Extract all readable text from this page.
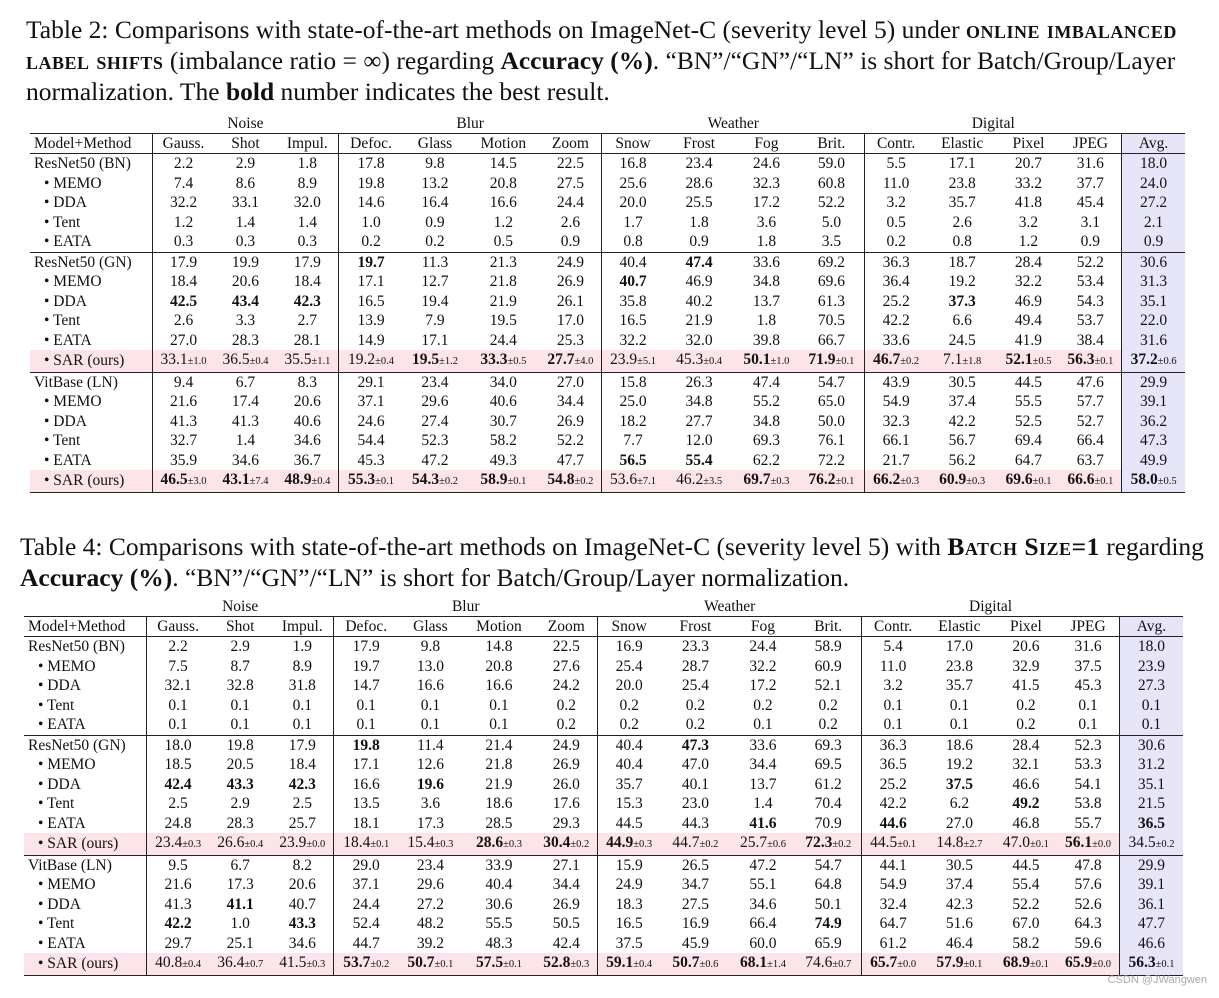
Table 2: Comparisons with state-of-the-art methods on ImageNet-C (severity level 5) under online imbalanced label shifts (imbalance ratio = ∞) regarding Accuracy (%). “BN”/“GN”/“LN” is short for Batch/Group/Layer normalization. The bold number indicates the best result.

	Noise			Blur				Weather				Digital				
Model+Method	Gauss.	Shot	Impul.	Defoc.	Glass	Motion	Zoom	Snow	Frost	Fog	Brit.	Contr.	Elastic	Pixel	JPEG	Avg.
ResNet50 (BN)	2.2	2.9	1.8	17.8	9.8	14.5	22.5	16.8	23.4	24.6	59.0	5.5	17.1	20.7	31.6	18.0
• MEMO	7.4	8.6	8.9	19.8	13.2	20.8	27.5	25.6	28.6	32.3	60.8	11.0	23.8	33.2	37.7	24.0
• DDA	32.2	33.1	32.0	14.6	16.4	16.6	24.4	20.0	25.5	17.2	52.2	3.2	35.7	41.8	45.4	27.2
• Tent	1.2	1.4	1.4	1.0	0.9	1.2	2.6	1.7	1.8	3.6	5.0	0.5	2.6	3.2	3.1	2.1
• EATA	0.3	0.3	0.3	0.2	0.2	0.5	0.9	0.8	0.9	1.8	3.5	0.2	0.8	1.2	0.9	0.9
ResNet50 (GN)	17.9	19.9	17.9	19.7	11.3	21.3	24.9	40.4	47.4	33.6	69.2	36.3	18.7	28.4	52.2	30.6
• MEMO	18.4	20.6	18.4	17.1	12.7	21.8	26.9	40.7	46.9	34.8	69.6	36.4	19.2	32.2	53.4	31.3
• DDA	42.5	43.4	42.3	16.5	19.4	21.9	26.1	35.8	40.2	13.7	61.3	25.2	37.3	46.9	54.3	35.1
• Tent	2.6	3.3	2.7	13.9	7.9	19.5	17.0	16.5	21.9	1.8	70.5	42.2	6.6	49.4	53.7	22.0
• EATA	27.0	28.3	28.1	14.9	17.1	24.4	25.3	32.2	32.0	39.8	66.7	33.6	24.5	41.9	38.4	31.6
• SAR (ours)	33.1±1.0	36.5±0.4	35.5±1.1	19.2±0.4	19.5±1.2	33.3±0.5	27.7±4.0	23.9±5.1	45.3±0.4	50.1±1.0	71.9±0.1	46.7±0.2	7.1±1.8	52.1±0.5	56.3±0.1	37.2±0.6
VitBase (LN)	9.4	6.7	8.3	29.1	23.4	34.0	27.0	15.8	26.3	47.4	54.7	43.9	30.5	44.5	47.6	29.9
• MEMO	21.6	17.4	20.6	37.1	29.6	40.6	34.4	25.0	34.8	55.2	65.0	54.9	37.4	55.5	57.7	39.1
• DDA	41.3	41.3	40.6	24.6	27.4	30.7	26.9	18.2	27.7	34.8	50.0	32.3	42.2	52.5	52.7	36.2
• Tent	32.7	1.4	34.6	54.4	52.3	58.2	52.2	7.7	12.0	69.3	76.1	66.1	56.7	69.4	66.4	47.3
• EATA	35.9	34.6	36.7	45.3	47.2	49.3	47.7	56.5	55.4	62.2	72.2	21.7	56.2	64.7	63.7	49.9
• SAR (ours)	46.5±3.0	43.1±7.4	48.9±0.4	55.3±0.1	54.3±0.2	58.9±0.1	54.8±0.2	53.6±7.1	46.2±3.5	69.7±0.3	76.2±0.1	66.2±0.3	60.9±0.3	69.6±0.1	66.6±0.1	58.0±0.5

Table 4: Comparisons with state-of-the-art methods on ImageNet-C (severity level 5) with Batch Size=1 regarding Accuracy (%). “BN”/“GN”/“LN” is short for Batch/Group/Layer normalization.

	Noise			Blur				Weather				Digital				
Model+Method	Gauss.	Shot	Impul.	Defoc.	Glass	Motion	Zoom	Snow	Frost	Fog	Brit.	Contr.	Elastic	Pixel	JPEG	Avg.
ResNet50 (BN)	2.2	2.9	1.9	17.9	9.8	14.8	22.5	16.9	23.3	24.4	58.9	5.4	17.0	20.6	31.6	18.0
• MEMO	7.5	8.7	8.9	19.7	13.0	20.8	27.6	25.4	28.7	32.2	60.9	11.0	23.8	32.9	37.5	23.9
• DDA	32.1	32.8	31.8	14.7	16.6	16.6	24.2	20.0	25.4	17.2	52.1	3.2	35.7	41.5	45.3	27.3
• Tent	0.1	0.1	0.1	0.1	0.1	0.1	0.2	0.2	0.2	0.2	0.2	0.1	0.1	0.2	0.1	0.1
• EATA	0.1	0.1	0.1	0.1	0.1	0.1	0.2	0.2	0.2	0.1	0.2	0.1	0.1	0.2	0.1	0.1
ResNet50 (GN)	18.0	19.8	17.9	19.8	11.4	21.4	24.9	40.4	47.3	33.6	69.3	36.3	18.6	28.4	52.3	30.6
• MEMO	18.5	20.5	18.4	17.1	12.6	21.8	26.9	40.4	47.0	34.4	69.5	36.5	19.2	32.1	53.3	31.2
• DDA	42.4	43.3	42.3	16.6	19.6	21.9	26.0	35.7	40.1	13.7	61.2	25.2	37.5	46.6	54.1	35.1
• Tent	2.5	2.9	2.5	13.5	3.6	18.6	17.6	15.3	23.0	1.4	70.4	42.2	6.2	49.2	53.8	21.5
• EATA	24.8	28.3	25.7	18.1	17.3	28.5	29.3	44.5	44.3	41.6	70.9	44.6	27.0	46.8	55.7	36.5
• SAR (ours)	23.4±0.3	26.6±0.4	23.9±0.0	18.4±0.1	15.4±0.3	28.6±0.3	30.4±0.2	44.9±0.3	44.7±0.2	25.7±0.6	72.3±0.2	44.5±0.1	14.8±2.7	47.0±0.1	56.1±0.0	34.5±0.2
VitBase (LN)	9.5	6.7	8.2	29.0	23.4	33.9	27.1	15.9	26.5	47.2	54.7	44.1	30.5	44.5	47.8	29.9
• MEMO	21.6	17.3	20.6	37.1	29.6	40.4	34.4	24.9	34.7	55.1	64.8	54.9	37.4	55.4	57.6	39.1
• DDA	41.3	41.1	40.7	24.4	27.2	30.6	26.9	18.3	27.5	34.6	50.1	32.4	42.3	52.2	52.6	36.1
• Tent	42.2	1.0	43.3	52.4	48.2	55.5	50.5	16.5	16.9	66.4	74.9	64.7	51.6	67.0	64.3	47.7
• EATA	29.7	25.1	34.6	44.7	39.2	48.3	42.4	37.5	45.9	60.0	65.9	61.2	46.4	58.2	59.6	46.6
• SAR (ours)	40.8±0.4	36.4±0.7	41.5±0.3	53.7±0.2	50.7±0.1	57.5±0.1	52.8±0.3	59.1±0.4	50.7±0.6	68.1±1.4	74.6±0.7	65.7±0.0	57.9±0.1	68.9±0.1	65.9±0.0	56.3±0.1
CSDN @JWangwen
